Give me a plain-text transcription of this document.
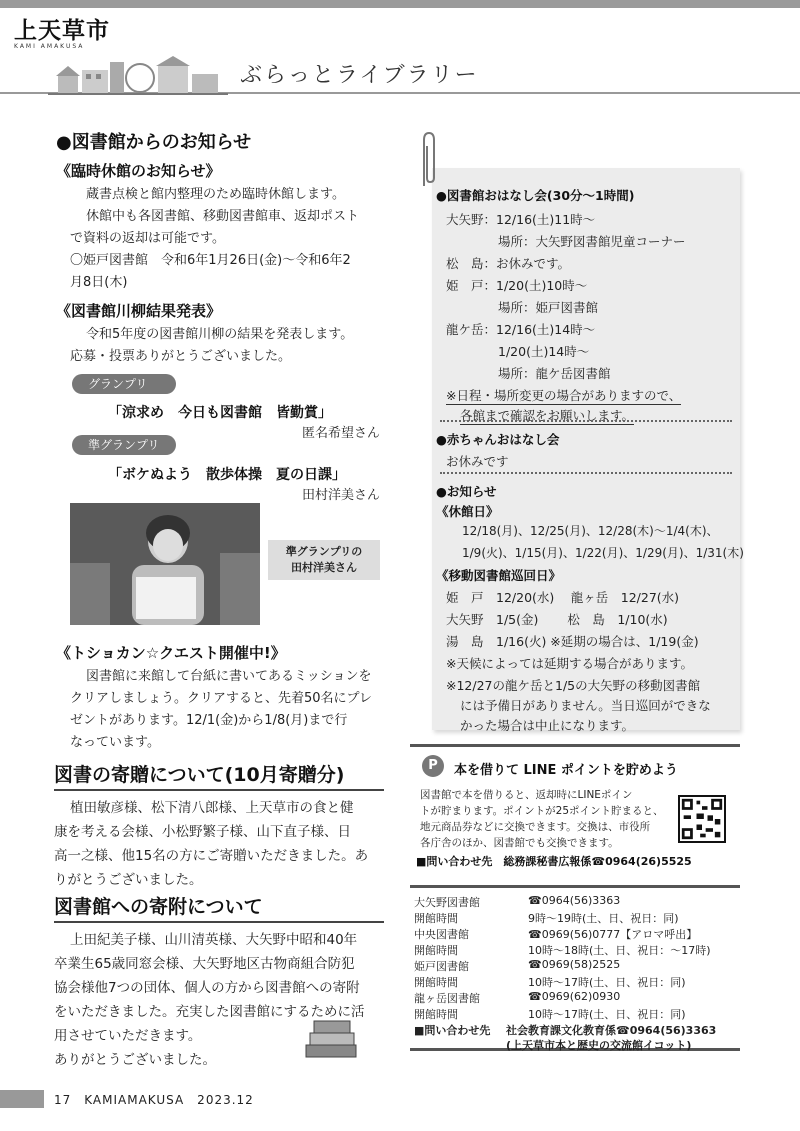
上天草市
KAMI AMAKUSA
ぶらっとライブラリー
●図書館からのお知らせ
《臨時休館のお知らせ》
蔵書点検と館内整理のため臨時休館します。
休館中も各図書館、移動図書館車、返却ポスト
で資料の返却は可能です。
〇姫戸図書館　令和6年1月26日(金)～令和6年2
月8日(木)
《図書館川柳結果発表》
令和5年度の図書館川柳の結果を発表します。
応募・投票ありがとうございました。
グランプリ
「涼求め　今日も図書館　皆勤賞」
匿名希望さん
準グランプリ
「ボケぬよう　散歩体操　夏の日課」
田村洋美さん
準グランプリの
田村洋美さん
《トショカン☆クエスト開催中!》
図書館に来館して台紙に書いてあるミッションを
クリアしましょう。クリアすると、先着50名にプレ
ゼントがあります。12/1(金)から1/8(月)まで行
なっています。
図書の寄贈について(10月寄贈分)
植田敏彦様、松下清八郎様、上天草市の食と健
康を考える会様、小松野繁子様、山下直子様、日
高一之様、他15名の方にご寄贈いただきました。あ
りがとうございました。
図書館への寄附について
上田紀美子様、山川清英様、大矢野中昭和40年
卒業生65歳同窓会様、大矢野地区古物商組合防犯
協会様他7つの団体、個人の方から図書館への寄附
をいただきました。充実した図書館にするために活
用させていただきます。
ありがとうございました。
●図書館おはなし会(30分～1時間)
大矢野：12/16(土)11時～
場所：大矢野図書館児童コーナー
松　島：お休みです。
姫　戸：1/20(土)10時～
場所：姫戸図書館
龍ケ岳：12/16(土)14時～
1/20(土)14時～
場所：龍ケ岳図書館
※日程・場所変更の場合がありますので、
各館まで確認をお願いします。
●赤ちゃんおはなし会
お休みです
●お知らせ
《休館日》
12/18(月)、12/25(月)、12/28(木)～1/4(木)、
1/9(火)、1/15(月)、1/22(月)、1/29(月)、1/31(木)
《移動図書館巡回日》
姫　戸　12/20(水)　 龍ヶ岳　12/27(水)
大矢野　1/5(金)　　 松　島　1/10(水)
湯　島　1/16(火) ※延期の場合は、1/19(金)
※天候によっては延期する場合があります。
※12/27の龍ケ岳と1/5の大矢野の移動図書館
には予備日がありません。当日巡回ができな
かった場合は中止になります。
P	本を借りて LINE ポイントを貯めよう
図書館で本を借りると、返却時にLINEポイン
トが貯まります。ポイントが25ポイント貯まると、
地元商品券などに交換できます。交換は、市役所
各庁舎のほか、図書館でも交換できます。
■問い合わせ先　総務課秘書広報係☎0964(26)5525
大矢野図書館	☎0964(56)3363
開館時間	9時～19時(土、日、祝日：同)
中央図書館	☎0969(56)0777【アロマ呼出】
開館時間	10時～18時(土、日、祝日：～17時)
姫戸図書館	☎0969(58)2525
開館時間	10時～17時(土、日、祝日：同)
龍ヶ岳図書館	☎0969(62)0930
開館時間	10時～17時(土、日、祝日：同)
■問い合わせ先 社会教育課文化教育係☎0964(56)3363
(上天草市本と歴史の交流館イコット)
17　KAMIAMAKUSA　2023.12
